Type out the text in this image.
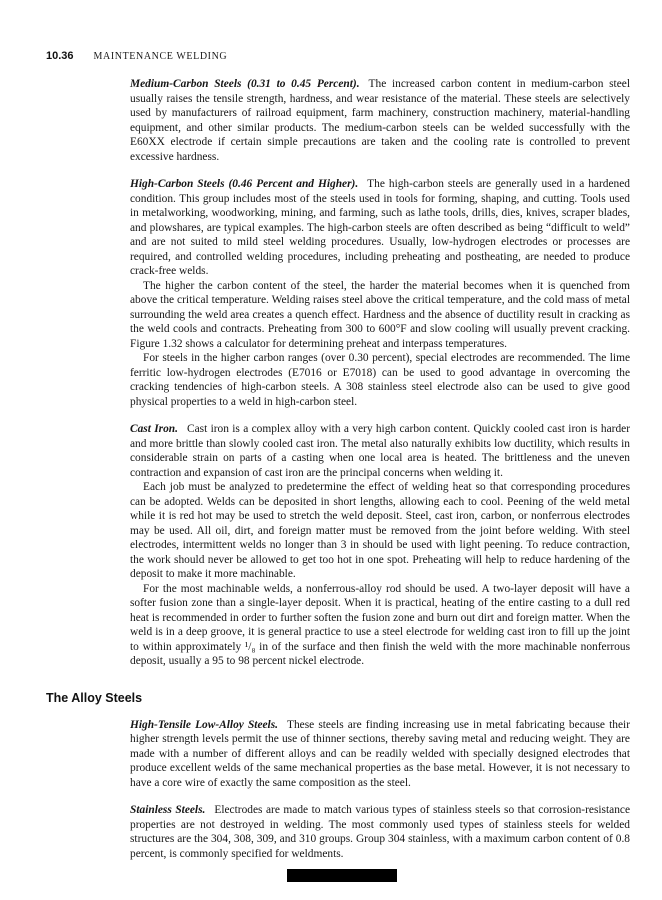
10.36 MAINTENANCE WELDING

Medium-Carbon Steels (0.31 to 0.45 Percent). The increased carbon content in medium-carbon steel usually raises the tensile strength, hardness, and wear resistance of the material. These steels are selectively used by manufacturers of railroad equipment, farm machinery, construction machinery, material-handling equipment, and other similar products. The medium-carbon steels can be welded successfully with the E60XX electrode if certain simple precautions are taken and the cooling rate is controlled to prevent excessive hardness.

High-Carbon Steels (0.46 Percent and Higher). The high-carbon steels are generally used in a hardened condition. This group includes most of the steels used in tools for forming, shaping, and cutting. Tools used in metalworking, woodworking, mining, and farming, such as lathe tools, drills, dies, knives, scraper blades, and plowshares, are typical examples. The high-carbon steels are often described as being “difficult to weld” and are not suited to mild steel welding procedures. Usually, low-hydrogen electrodes or processes are required, and controlled welding procedures, including preheating and postheating, are needed to produce crack-free welds.

The higher the carbon content of the steel, the harder the material becomes when it is quenched from above the critical temperature. Welding raises steel above the critical temperature, and the cold mass of metal surrounding the weld area creates a quench effect. Hardness and the absence of ductility result in cracking as the weld cools and contracts. Preheating from 300 to 600°F and slow cooling will usually prevent cracking. Figure 1.32 shows a calculator for determining preheat and interpass temperatures.

For steels in the higher carbon ranges (over 0.30 percent), special electrodes are recommended. The lime ferritic low-hydrogen electrodes (E7016 or E7018) can be used to good advantage in overcoming the cracking tendencies of high-carbon steels. A 308 stainless steel electrode also can be used to give good physical properties to a weld in high-carbon steel.

Cast Iron. Cast iron is a complex alloy with a very high carbon content. Quickly cooled cast iron is harder and more brittle than slowly cooled cast iron. The metal also naturally exhibits low ductility, which results in considerable strain on parts of a casting when one local area is heated. The brittleness and the uneven contraction and expansion of cast iron are the principal concerns when welding it.

Each job must be analyzed to predetermine the effect of welding heat so that corresponding procedures can be adopted. Welds can be deposited in short lengths, allowing each to cool. Peening of the weld metal while it is red hot may be used to stretch the weld deposit. Steel, cast iron, carbon, or nonferrous electrodes may be used. All oil, dirt, and foreign matter must be removed from the joint before welding. With steel electrodes, intermittent welds no longer than 3 in should be used with light peening. To reduce contraction, the work should never be allowed to get too hot in one spot. Preheating will help to reduce hardening of the deposit to make it more machinable.

For the most machinable welds, a nonferrous-alloy rod should be used. A two-layer deposit will have a softer fusion zone than a single-layer deposit. When it is practical, heating of the entire casting to a dull red heat is recommended in order to further soften the fusion zone and burn out dirt and foreign matter. When the weld is in a deep groove, it is general practice to use a steel electrode for welding cast iron to fill up the joint to within approximately ¹/₈ in of the surface and then finish the weld with the more machinable nonferrous deposit, usually a 95 to 98 percent nickel electrode.

The Alloy Steels

High-Tensile Low-Alloy Steels. These steels are finding increasing use in metal fabricating because their higher strength levels permit the use of thinner sections, thereby saving metal and reducing weight. They are made with a number of different alloys and can be readily welded with specially designed electrodes that produce excellent welds of the same mechanical properties as the base metal. However, it is not necessary to have a core wire of exactly the same composition as the steel.

Stainless Steels. Electrodes are made to match various types of stainless steels so that corrosion-resistance properties are not destroyed in welding. The most commonly used types of stainless steels for welded structures are the 304, 308, 309, and 310 groups. Group 304 stainless, with a maximum carbon content of 0.8 percent, is commonly specified for weldments.
